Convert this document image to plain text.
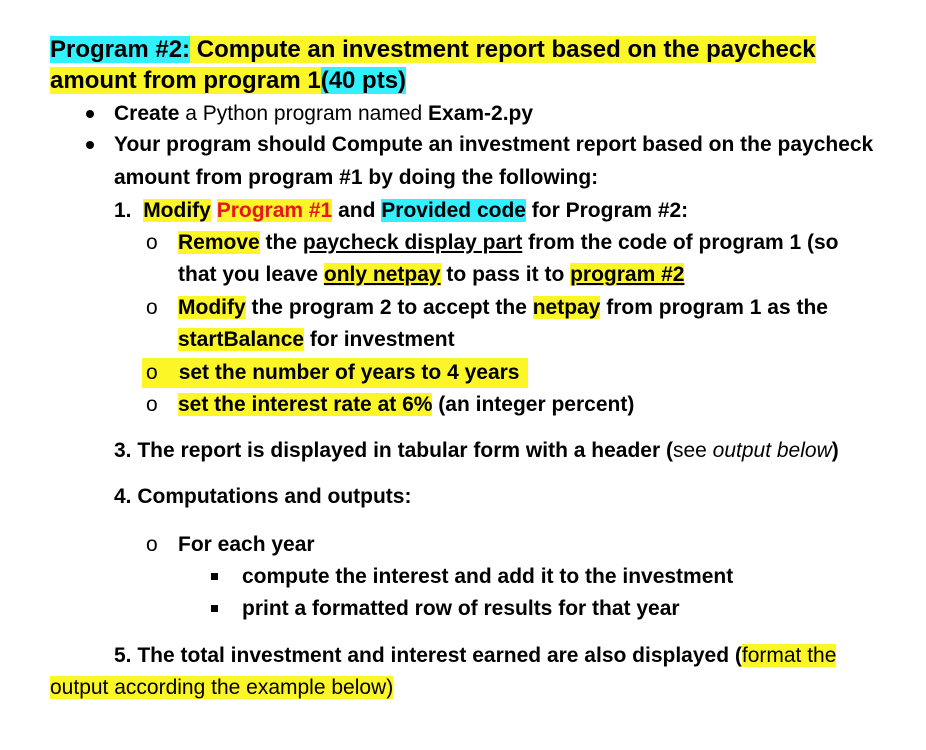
Program #2: Compute an investment report based on the paycheck
amount from program 1(40 pts)
Create a Python program named Exam-2.py
Your program should Compute an investment report based on the paycheck
amount from program #1 by doing the following:
1. Modify Program #1 and Provided code for Program #2:
o Remove the paycheck display part from the code of program 1 (so
that you leave only netpay to pass it to program #2
o Modify the program 2 to accept the netpay from program 1 as the
startBalance for investment
o set the number of years to 4 years
o set the interest rate at 6% (an integer percent)
3. The report is displayed in tabular form with a header (see output below)
4. Computations and outputs:
o For each year
compute the interest and add it to the investment
print a formatted row of results for that year
5. The total investment and interest earned are also displayed (format the
output according the example below)
